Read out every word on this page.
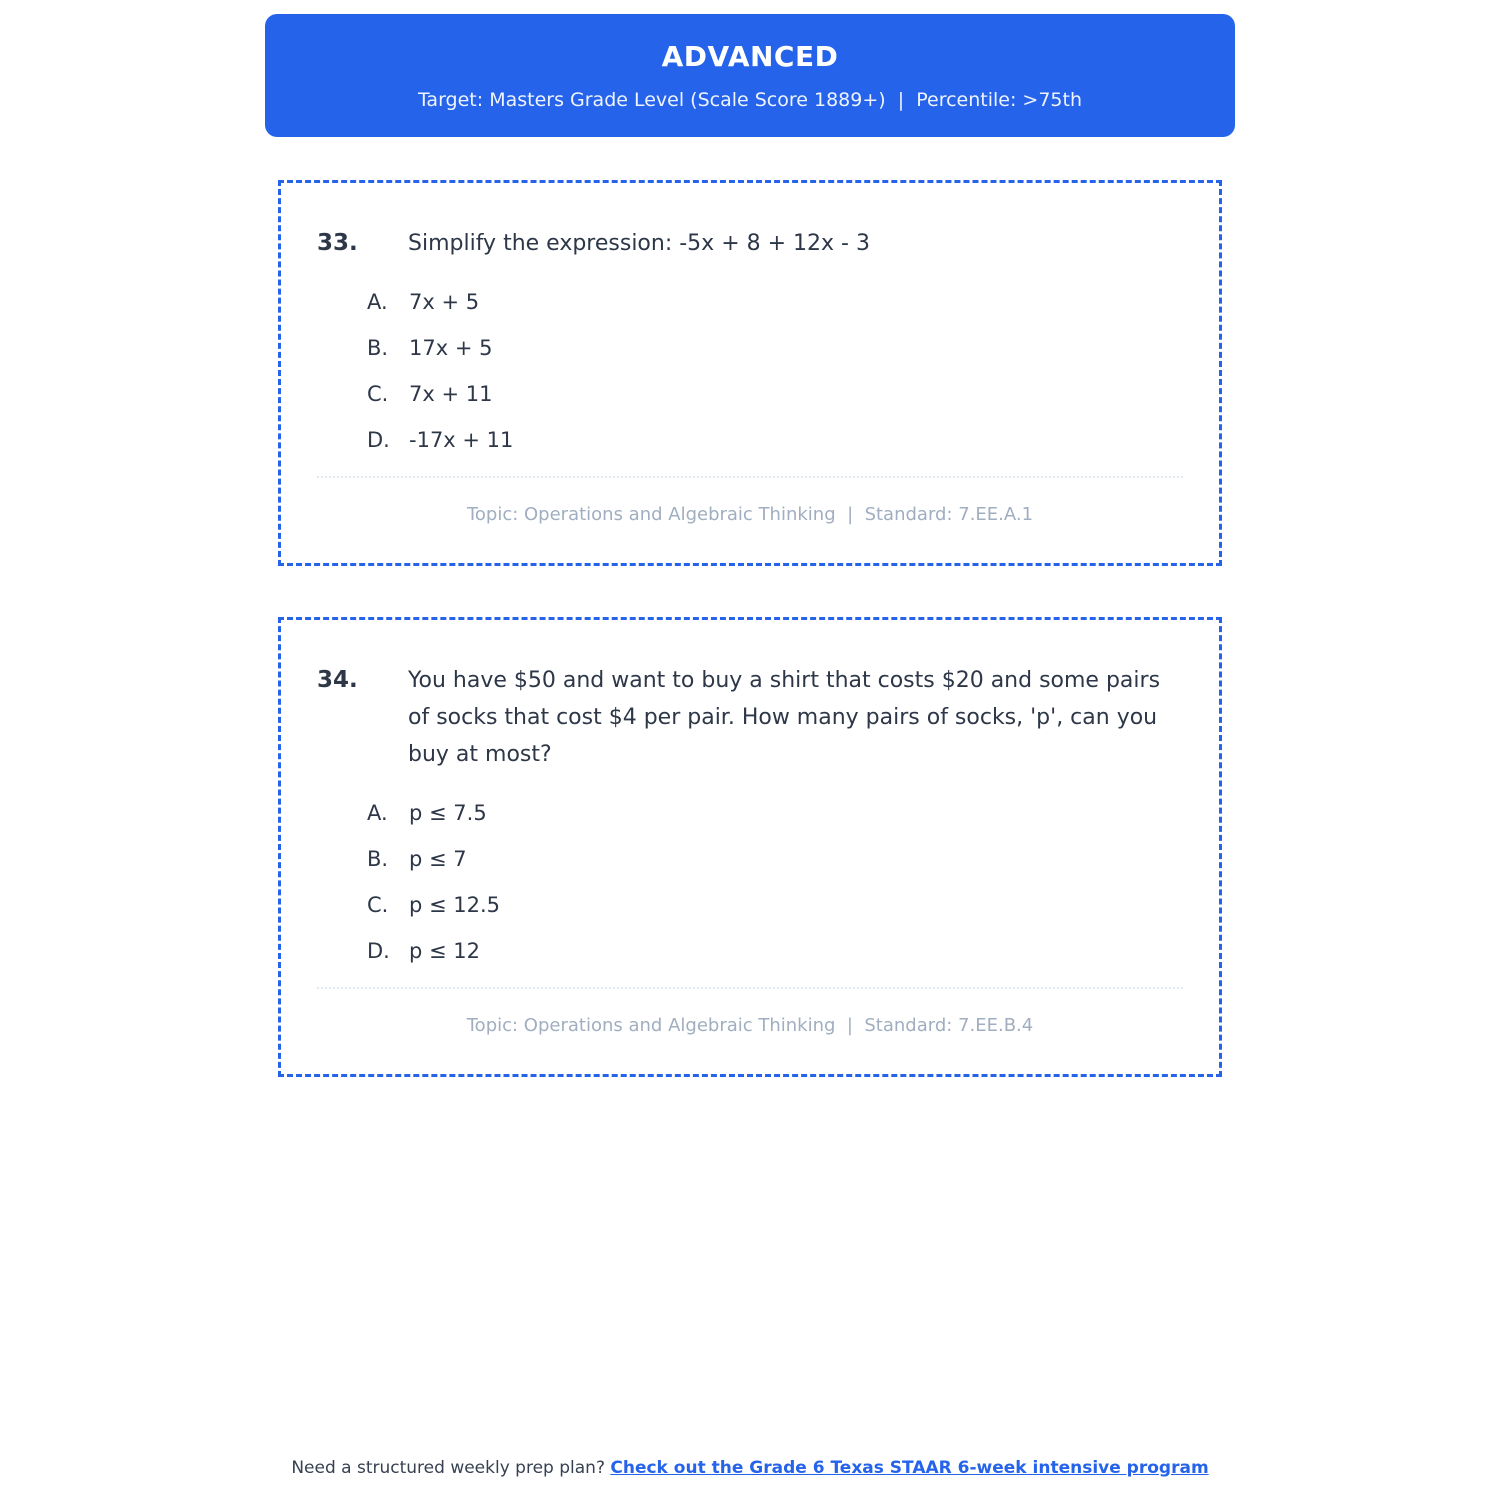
ADVANCED
Target: Masters Grade Level (Scale Score 1889+)  |  Percentile: >75th
33.	Simplify the expression: -5x + 8 + 12x - 3
A.	7x + 5
B. 17x + 5
C. 7x + 11
D. -17x + 11
Topic: Operations and Algebraic Thinking  |  Standard: 7.EE.A.1
34.	You have $50 and want to buy a shirt that costs $20 and some pairs of socks that cost $4 per pair. How many pairs of socks, 'p', can you buy at most?
A.	p ≤ 7.5
B. p ≤ 7
C. p ≤ 12.5
D. p ≤ 12
Topic: Operations and Algebraic Thinking  |  Standard: 7.EE.B.4
Need a structured weekly prep plan? Check out the Grade 6 Texas STAAR 6-week intensive program
